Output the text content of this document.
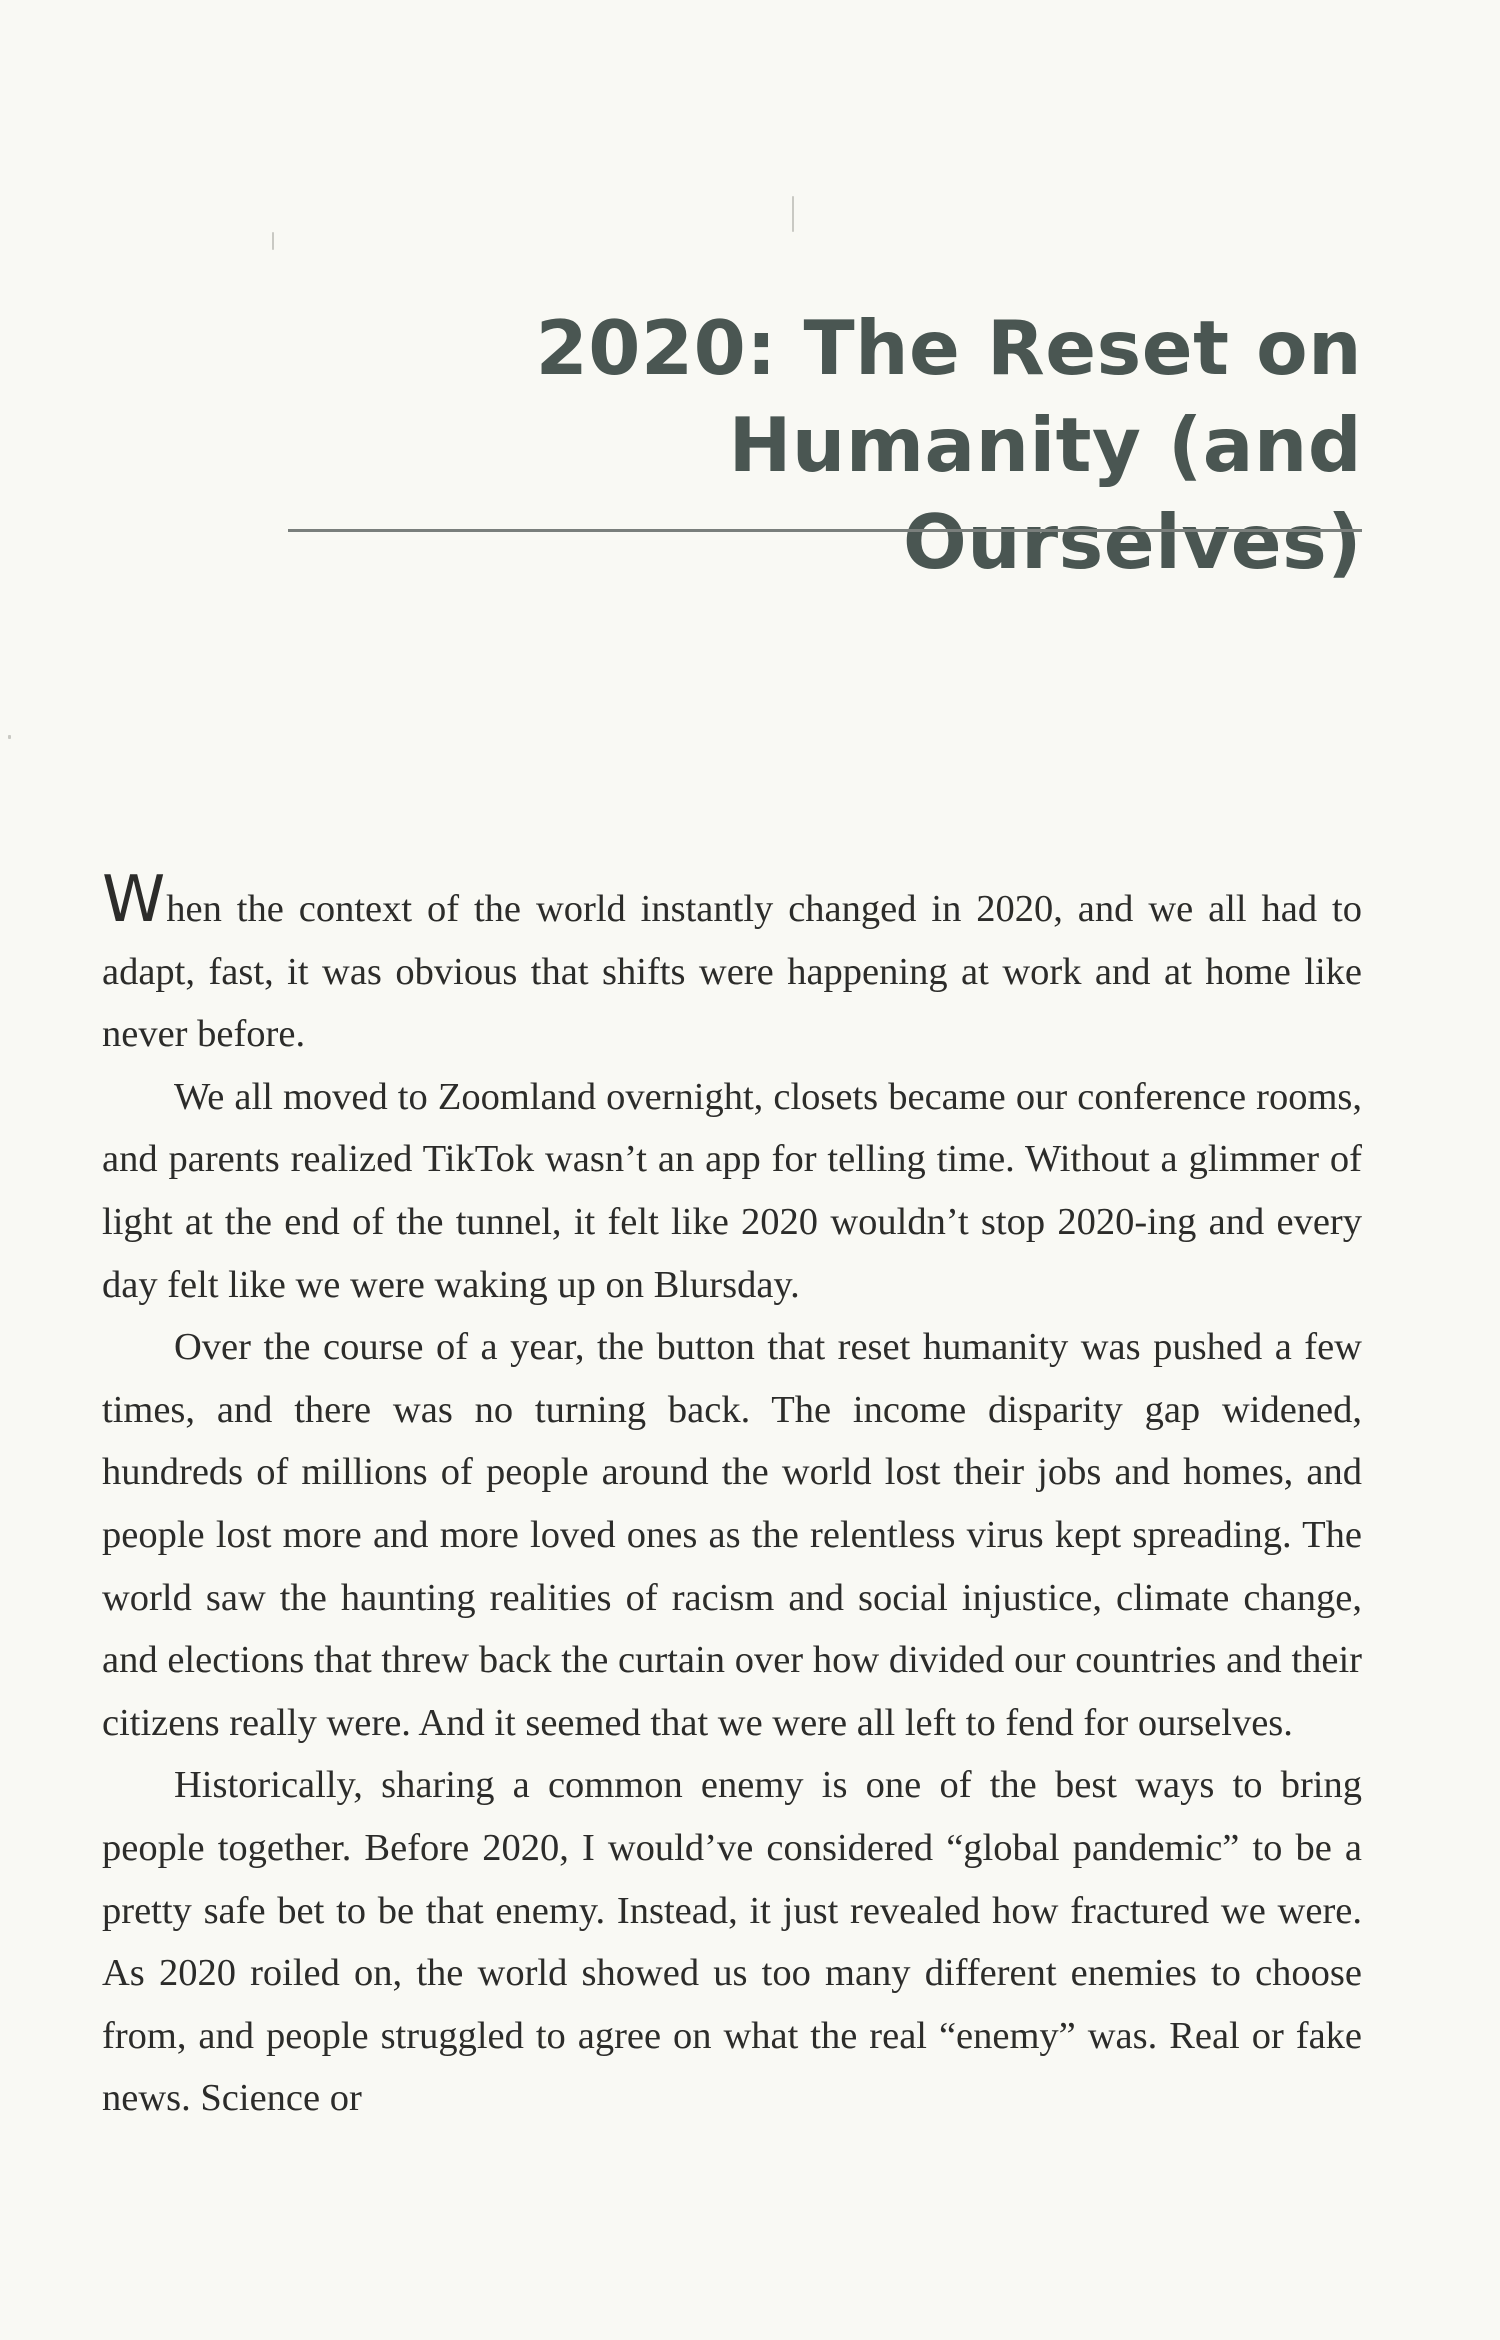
2020: The Reset on
Humanity (and Ourselves)

When the context of the world instantly changed in 2020, and we all had to adapt, fast, it was obvious that shifts were happening at work and at home like never before.

We all moved to Zoomland overnight, closets became our conference rooms, and parents realized TikTok wasn’t an app for telling time. Without a glimmer of light at the end of the tunnel, it felt like 2020 wouldn’t stop 2020-ing and every day felt like we were waking up on Blursday.

Over the course of a year, the button that reset humanity was pushed a few times, and there was no turning back. The income disparity gap widened, hundreds of millions of people around the world lost their jobs and homes, and people lost more and more loved ones as the relentless virus kept spreading. The world saw the haunting realities of racism and social injustice, climate change, and elections that threw back the curtain over how divided our countries and their citizens really were. And it seemed that we were all left to fend for ourselves.

Historically, sharing a common enemy is one of the best ways to bring people together. Before 2020, I would’ve considered “global pandemic” to be a pretty safe bet to be that enemy. Instead, it just revealed how fractured we were. As 2020 roiled on, the world showed us too many different enemies to choose from, and people struggled to agree on what the real “enemy” was. Real or fake news. Science or
